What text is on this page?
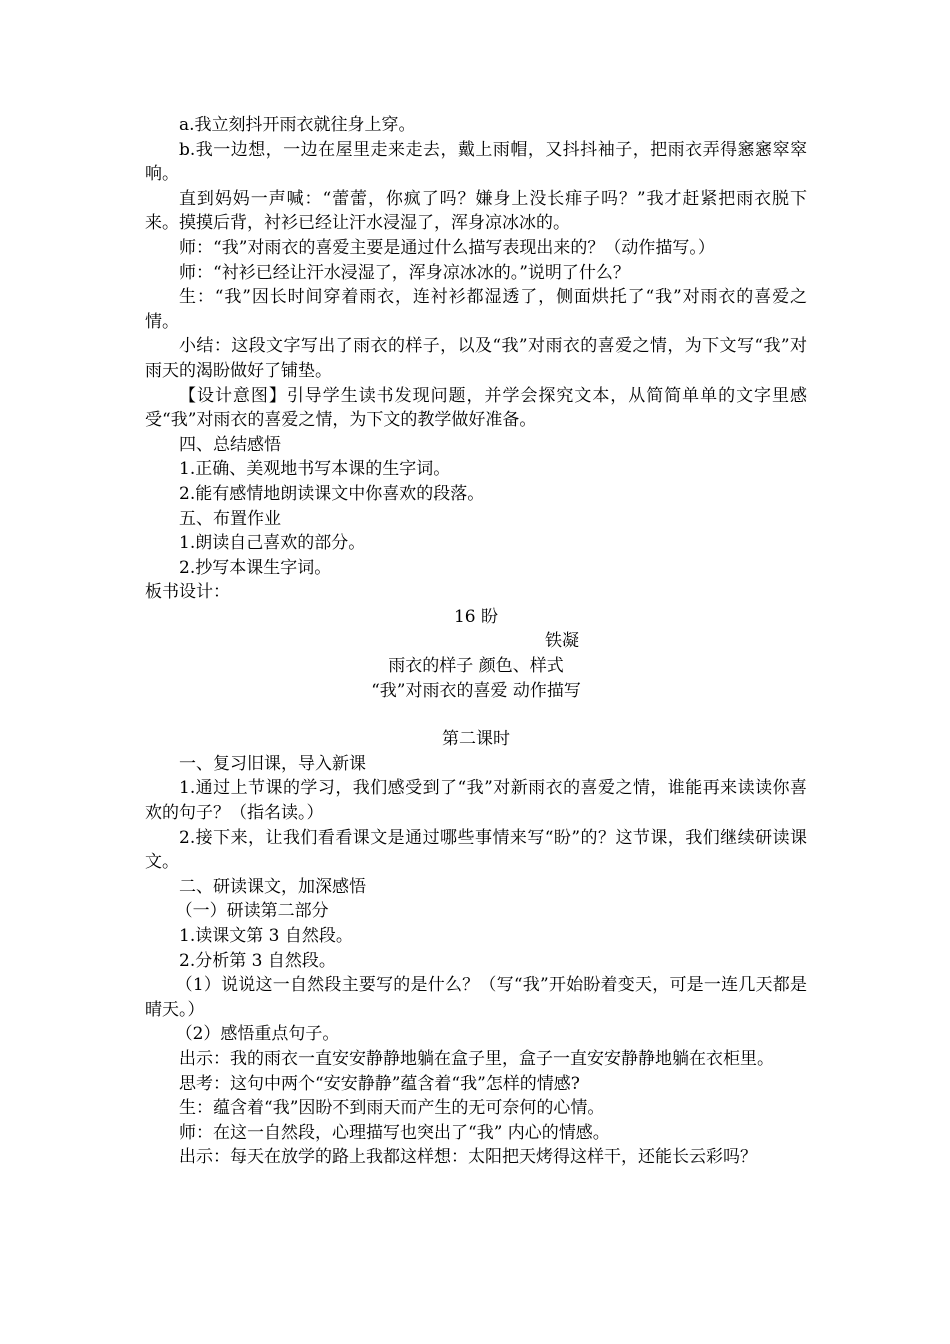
a.我立刻抖开雨衣就往身上穿。

b.我一边想，一边在屋里走来走去，戴上雨帽，又抖抖袖子，把雨衣弄得窸窸窣窣响。

直到妈妈一声喊：“蕾蕾，你疯了吗？嫌身上没长痱子吗？”我才赶紧把雨衣脱下来。摸摸后背，衬衫已经让汗水浸湿了，浑身凉冰冰的。

师：“我”对雨衣的喜爱主要是通过什么描写表现出来的？（动作描写。）

师：“衬衫已经让汗水浸湿了，浑身凉冰冰的。”说明了什么？

生：“我”因长时间穿着雨衣，连衬衫都湿透了，侧面烘托了“我”对雨衣的喜爱之情。

小结：这段文字写出了雨衣的样子，以及“我”对雨衣的喜爱之情，为下文写“我”对雨天的渴盼做好了铺垫。

【设计意图】引导学生读书发现问题，并学会探究文本，从简简单单的文字里感受“我”对雨衣的喜爱之情，为下文的教学做好准备。

四、总结感悟

1.正确、美观地书写本课的生字词。

2.能有感情地朗读课文中你喜欢的段落。

五、布置作业

1.朗读自己喜欢的部分。

2.抄写本课生字词。

板书设计：

16 盼

铁凝

雨衣的样子 颜色、样式

“我”对雨衣的喜爱 动作描写

第二课时

一、复习旧课，导入新课

1.通过上节课的学习，我们感受到了“我”对新雨衣的喜爱之情，谁能再来读读你喜欢的句子？（指名读。）

2.接下来，让我们看看课文是通过哪些事情来写“盼”的？这节课，我们继续研读课文。

二、研读课文，加深感悟

（一）研读第二部分

1.读课文第 3 自然段。

2.分析第 3 自然段。

（1）说说这一自然段主要写的是什么？（写“我”开始盼着变天，可是一连几天都是晴天。）

（2）感悟重点句子。

出示：我的雨衣一直安安静静地躺在盒子里，盒子一直安安静静地躺在衣柜里。

思考：这句中两个“安安静静”蕴含着“我”怎样的情感?

生：蕴含着“我”因盼不到雨天而产生的无可奈何的心情。

师：在这一自然段，心理描写也突出了“我” 内心的情感。

出示：每天在放学的路上我都这样想：太阳把天烤得这样干，还能长云彩吗？
